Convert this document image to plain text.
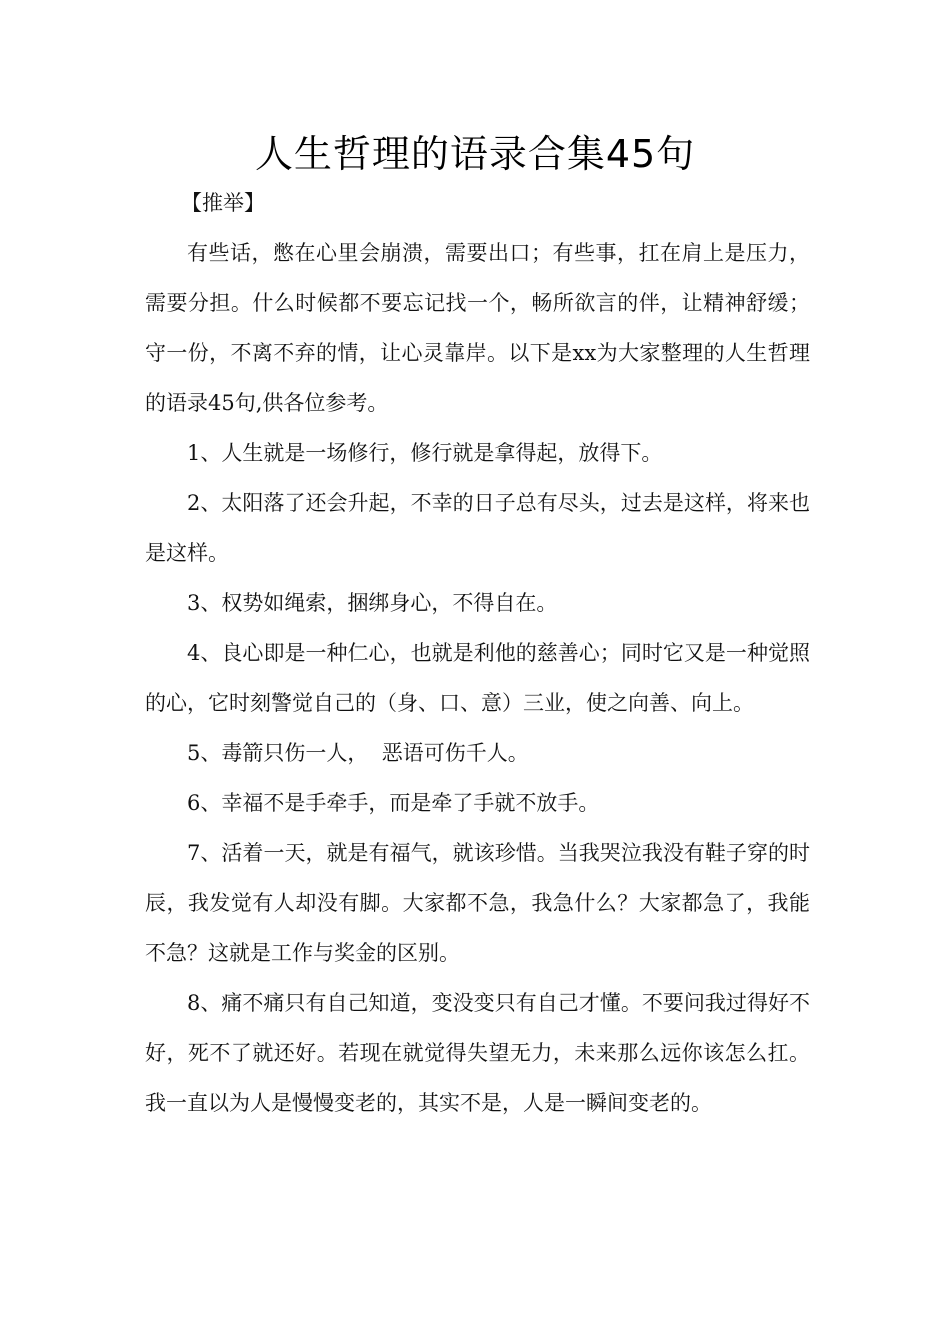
人生哲理的语录合集45句

【推举】

有些话，憋在心里会崩溃，需要出口；有些事，扛在肩上是压力，需要分担。什么时候都不要忘记找一个，畅所欲言的伴，让精神舒缓；守一份，不离不弃的情，让心灵靠岸。以下是xx为大家整理的人生哲理的语录45句,供各位参考。

1、人生就是一场修行，修行就是拿得起，放得下。

2、太阳落了还会升起，不幸的日子总有尽头，过去是这样，将来也是这样。

3、权势如绳索，捆绑身心，不得自在。

4、良心即是一种仁心，也就是利他的慈善心；同时它又是一种觉照的心，它时刻警觉自己的（身、口、意）三业，使之向善、向上。

5、毒箭只伤一人，  恶语可伤千人。

6、幸福不是手牵手，而是牵了手就不放手。

7、活着一天，就是有福气，就该珍惜。当我哭泣我没有鞋子穿的时辰，我发觉有人却没有脚。大家都不急，我急什么？大家都急了，我能不急？这就是工作与奖金的区别。

8、痛不痛只有自己知道，变没变只有自己才懂。不要问我过得好不好，死不了就还好。若现在就觉得失望无力，未来那么远你该怎么扛。我一直以为人是慢慢变老的，其实不是，人是一瞬间变老的。
